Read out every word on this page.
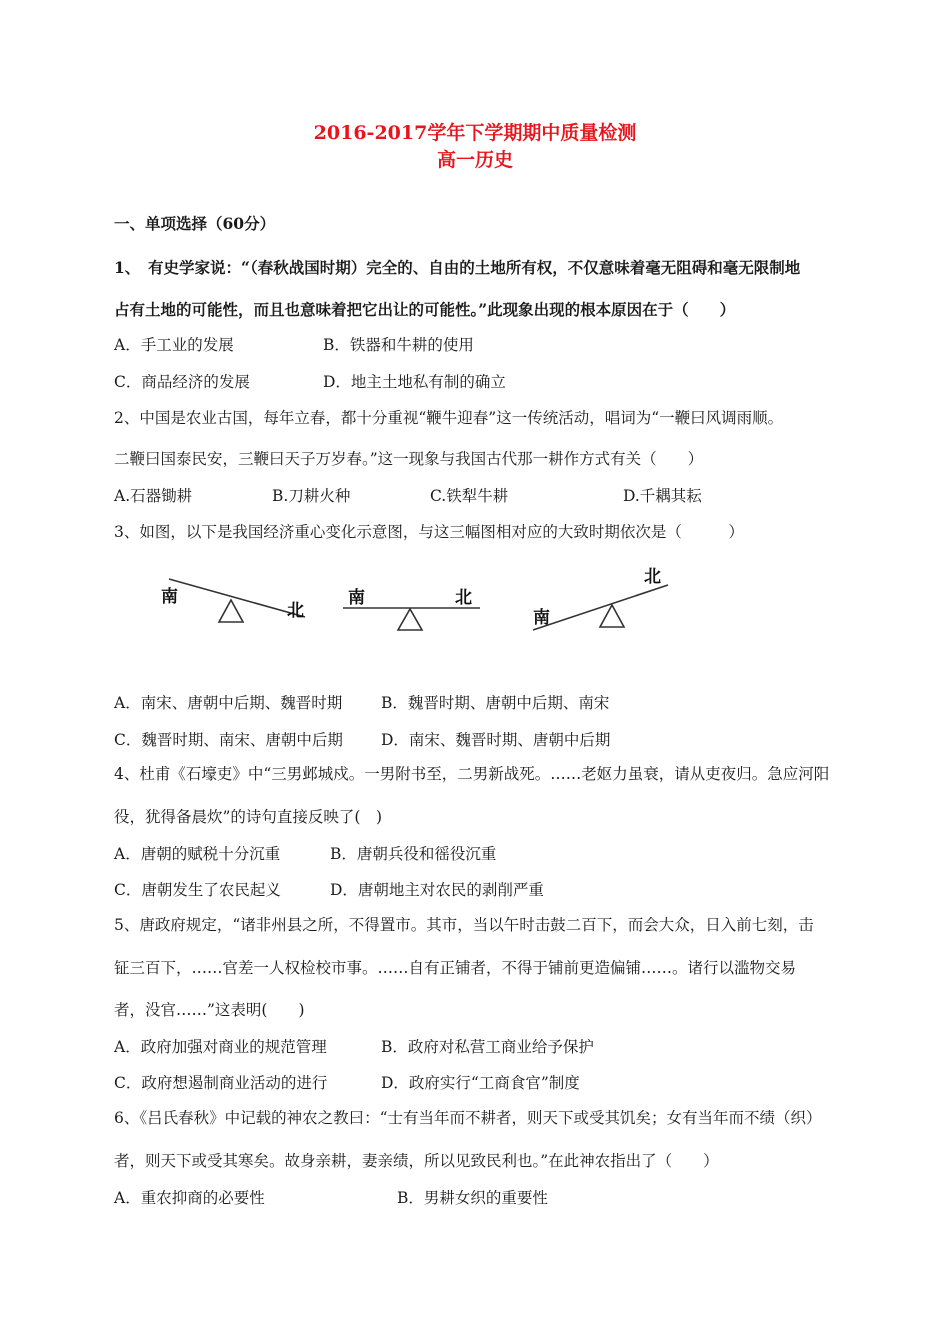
2016-2017学年下学期期中质量检测
高一历史
一、单项选择（60分）
1、　有史学家说：“（春秋战国时期）完全的、自由的土地所有权，不仅意味着毫无阻碍和毫无限制地
占有土地的可能性，而且也意味着把它出让的可能性。”此现象出现的根本原因在于（　　）
A．手工业的发展	B．铁器和牛耕的使用
C．商品经济的发展	D．地主土地私有制的确立
2、中国是农业古国，每年立春，都十分重视“鞭牛迎春”这一传统活动，唱词为“一鞭曰风调雨顺。
二鞭曰国泰民安，三鞭曰天子万岁春。”这一现象与我国古代那一耕作方式有关（　　）
A.石器锄耕	B.刀耕火种	C.铁犁牛耕	D.千耦其耘
3、如图，以下是我国经济重心变化示意图，与这三幅图相对应的大致时期依次是（　　　）
南
北
南	北
南
北
A．南宋、唐朝中后期、魏晋时期	B．魏晋时期、唐朝中后期、南宋
C．魏晋时期、南宋、唐朝中后期 D．南宋、魏晋时期、唐朝中后期
4、杜甫《石壕吏》中“三男邺城戍。一男附书至，二男新战死。……老妪力虽衰，请从吏夜归。急应河阳
役，犹得备晨炊”的诗句直接反映了(　)
A．唐朝的赋税十分沉重	B．唐朝兵役和徭役沉重
C．唐朝发生了农民起义	D．唐朝地主对农民的剥削严重
5、唐政府规定，“诸非州县之所，不得置市。其市，当以午时击鼓二百下，而会大众，日入前七刻，击
钲三百下，……官差一人权检校市事。……自有正铺者，不得于铺前更造偏铺……。诸行以滥物交易
者，没官……”这表明(　　)
A．政府加强对商业的规范管理	B．政府对私营工商业给予保护
C．政府想遏制商业活动的进行	D．政府实行“工商食官”制度
6、《吕氏春秋》中记载的神农之教曰：“士有当年而不耕者，则天下或受其饥矣；女有当年而不绩（织）
者，则天下或受其寒矣。故身亲耕，妻亲绩，所以见致民利也。”在此神农指出了（　　）
A．重农抑商的必要性	B．男耕女织的重要性
